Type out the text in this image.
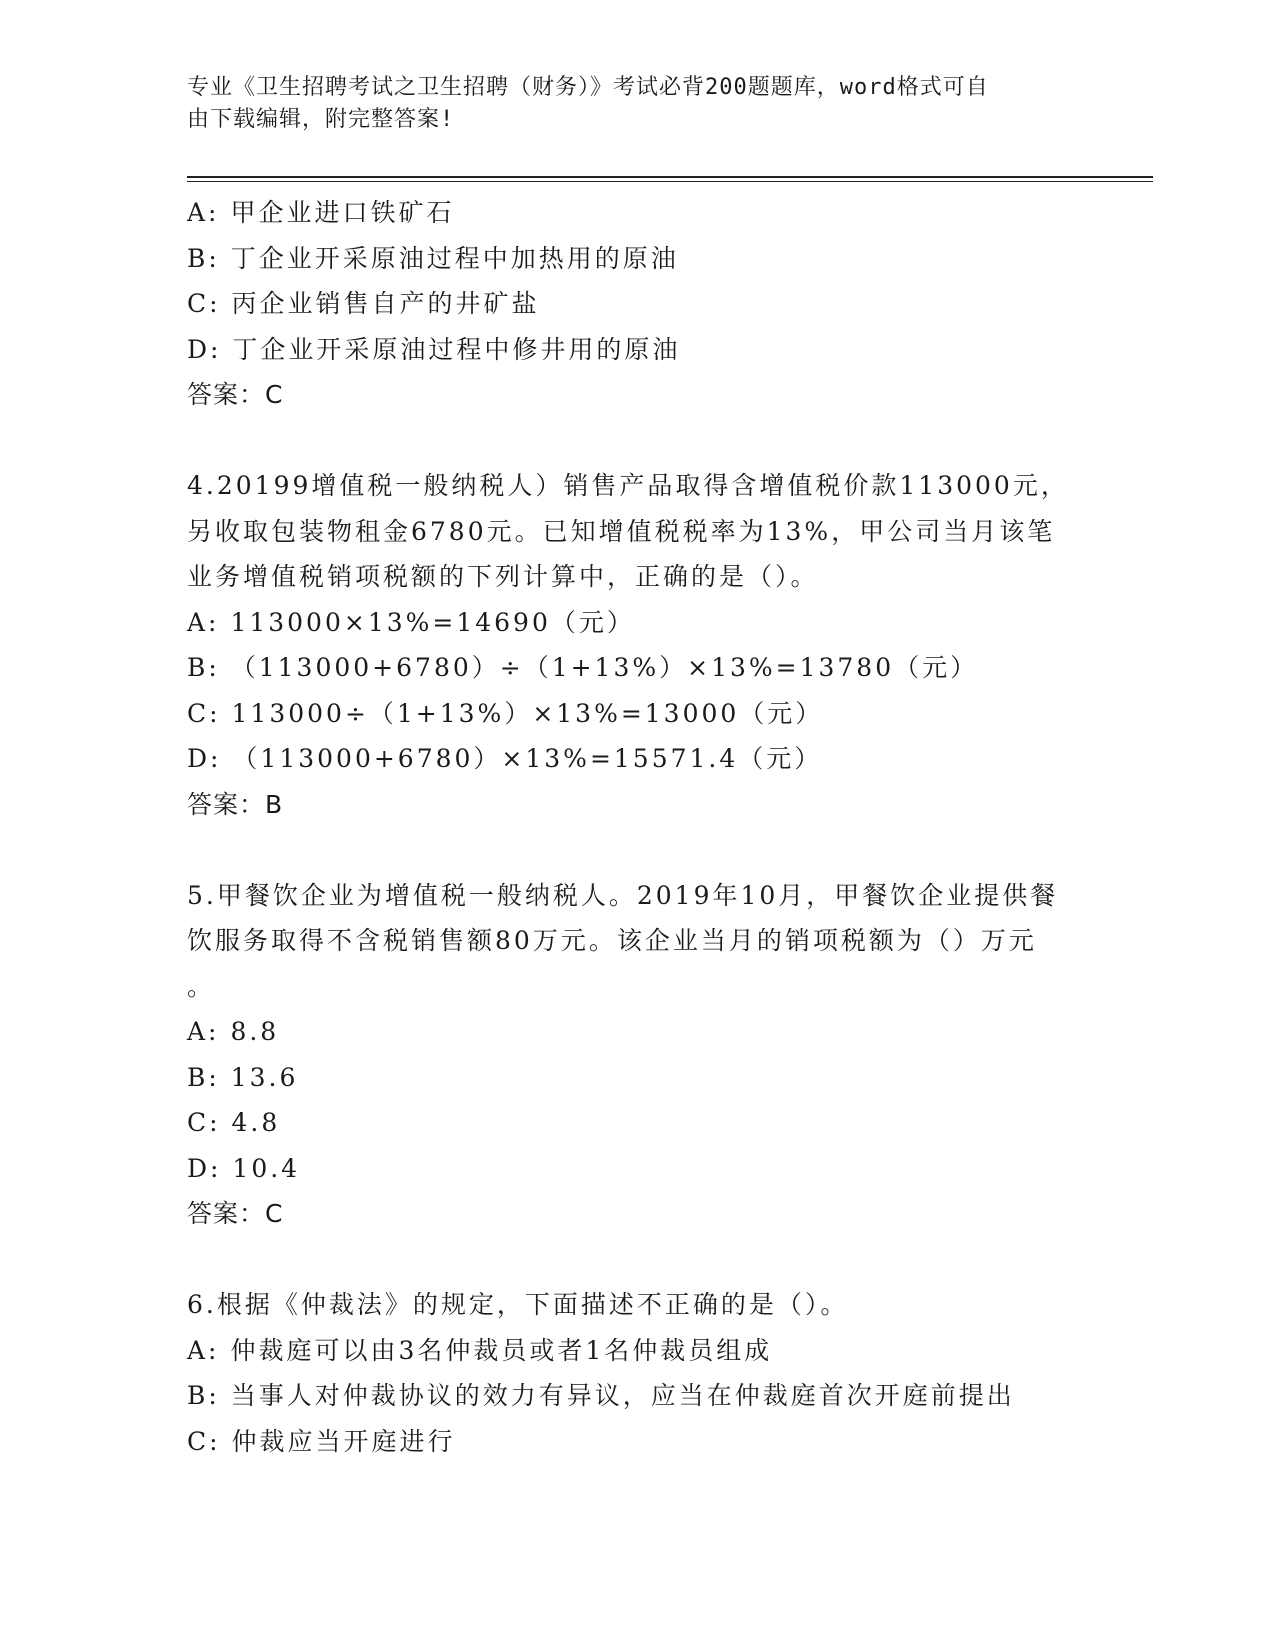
专业《卫生招聘考试之卫生招聘（财务）》考试必背200题题库，word格式可自
由下载编辑，附完整答案!
A: 甲企业进口铁矿石
B: 丁企业开采原油过程中加热用的原油
C: 丙企业销售自产的井矿盐
D: 丁企业开采原油过程中修井用的原油
答案：C
4.20199增值税一般纳税人）销售产品取得含增值税价款113000元，
另收取包装物租金6780元。已知增值税税率为13%，甲公司当月该笔
业务增值税销项税额的下列计算中，正确的是（）。
A: 113000×13%=14690（元）
B: （113000+6780）÷（1+13%）×13%=13780（元）
C: 113000÷（1+13%）×13%=13000（元）
D: （113000+6780）×13%=15571.4（元）
答案：B
5.甲餐饮企业为增值税一般纳税人。2019年10月，甲餐饮企业提供餐
饮服务取得不含税销售额80万元。该企业当月的销项税额为（）万元
。
A: 8.8
B: 13.6
C: 4.8
D: 10.4
答案：C
6.根据《仲裁法》的规定，下面描述不正确的是（）。
A: 仲裁庭可以由3名仲裁员或者1名仲裁员组成
B: 当事人对仲裁协议的效力有异议，应当在仲裁庭首次开庭前提出
C: 仲裁应当开庭进行
